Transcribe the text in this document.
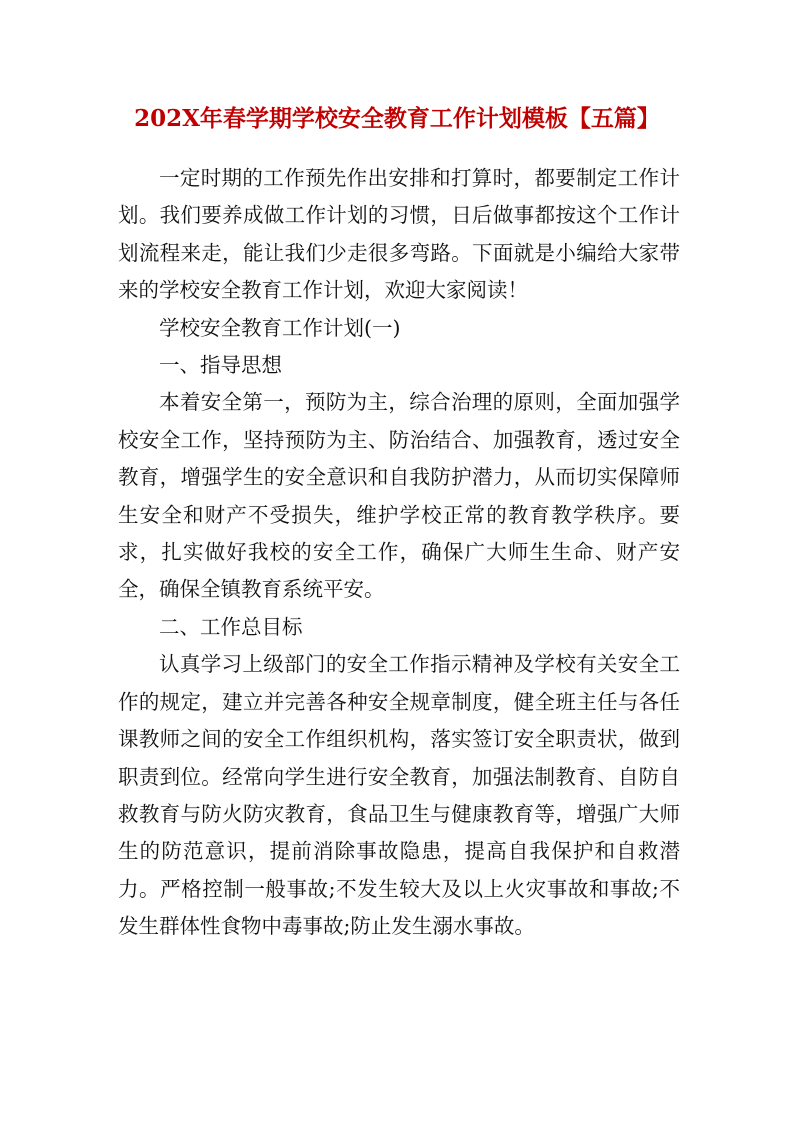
202X年春学期学校安全教育工作计划模板【五篇】

一定时期的工作预先作出安排和打算时，都要制定工作计划。我们要养成做工作计划的习惯，日后做事都按这个工作计划流程来走，能让我们少走很多弯路。下面就是小编给大家带来的学校安全教育工作计划，欢迎大家阅读！

学校安全教育工作计划(一)

一、指导思想

本着安全第一，预防为主，综合治理的原则，全面加强学校安全工作，坚持预防为主、防治结合、加强教育，透过安全教育，增强学生的安全意识和自我防护潜力，从而切实保障师生安全和财产不受损失，维护学校正常的教育教学秩序。要求，扎实做好我校的安全工作，确保广大师生生命、财产安全，确保全镇教育系统平安。

二、工作总目标

认真学习上级部门的安全工作指示精神及学校有关安全工作的规定，建立并完善各种安全规章制度，健全班主任与各任课教师之间的安全工作组织机构，落实签订安全职责状，做到职责到位。经常向学生进行安全教育，加强法制教育、自防自救教育与防火防灾教育，食品卫生与健康教育等，增强广大师生的防范意识，提前消除事故隐患，提高自我保护和自救潜力。严格控制一般事故;不发生较大及以上火灾事故和事故;不发生群体性食物中毒事故;防止发生溺水事故。
